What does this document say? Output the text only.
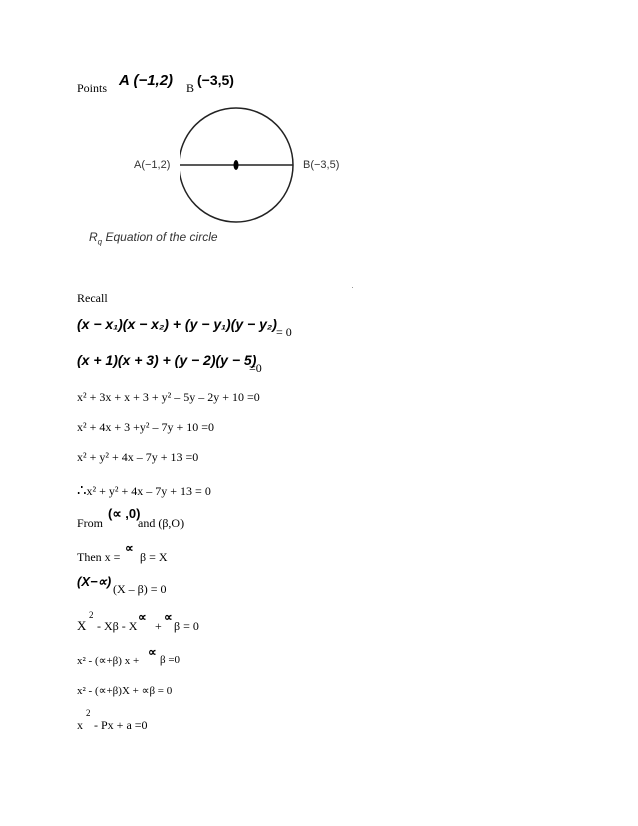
Points A (−1,2) B (−3,5)
A(−1,2)	B(−3,5)
$R_q$ Equation of the circle
Recall
(x − x₁)(x − x₂) + (y − y₁)(y − y₂) = 0
(x + 1)(x + 3) + (y − 2)(y − 5)
=0
x² + 3x + x + 3 + y² – 5y – 2y + 10 =0
x² + 4x + 3 +y² – 7y + 10 =0
x² + y² + 4x – 7y + 13 =0
∴x² + y² + 4x – 7y + 13 = 0
From
(∝ ,0)
and (β,O)
Then x =
∝
β = X
(X−∝) (X – β) = 0
X
2
- Xβ - X
∝
+
∝
β = 0
x² - (∝+β) x +
∝
β =0
x² - (∝+β)X + ∝β = 0
x
2
- Px + a =0
